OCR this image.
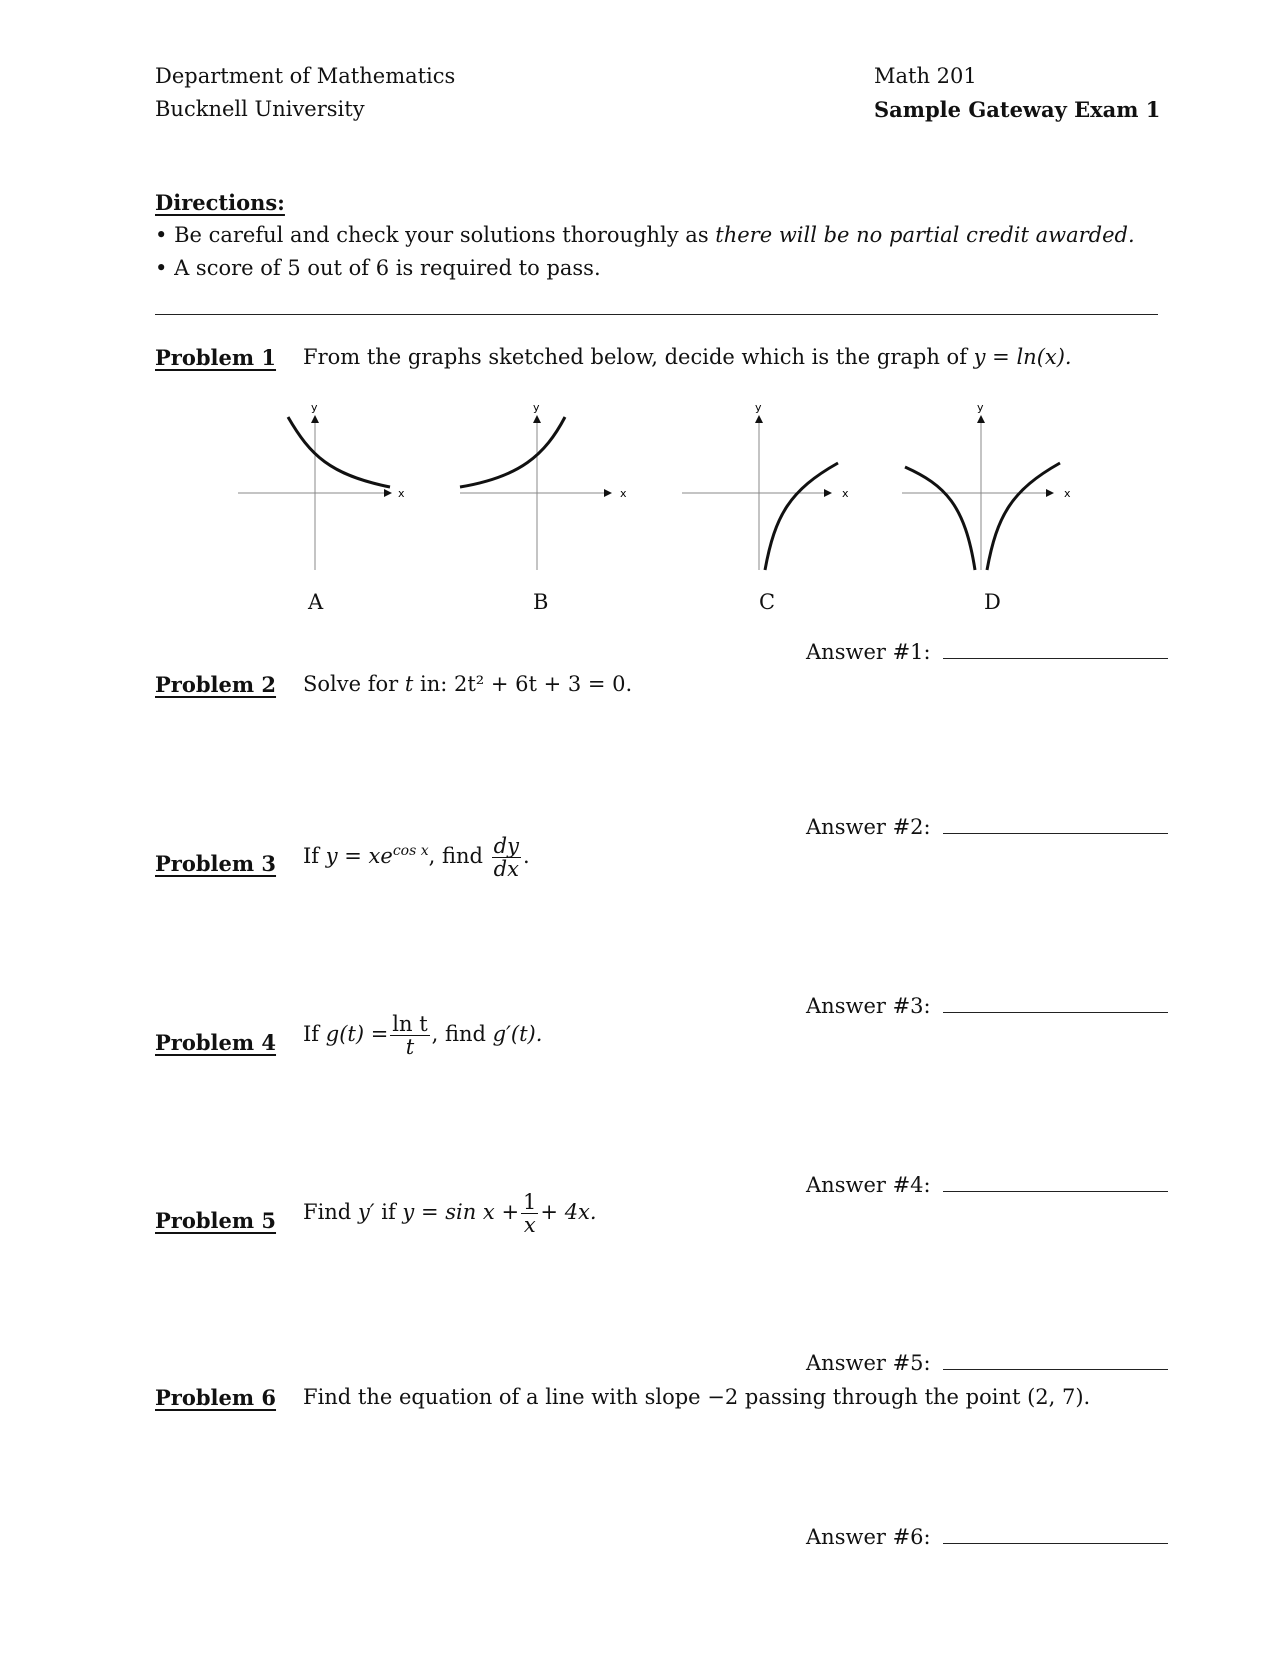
Department of Mathematics
Bucknell University
Math 201
Sample Gateway Exam 1
Directions:
• Be careful and check your solutions thoroughly as there will be no partial credit awarded.
• A score of 5 out of 6 is required to pass.
Problem 1 From the graphs sketched below, decide which is the graph of y = ln(x).
x
y
x
y
x
y
x
y
A	B	C	D
Answer #1:
Problem 2 Solve for t in: 2t² + 6t + 3 = 0.
Answer #2:
Problem 3 If $y = xe^{cos x}$, find $\frac{dy}{dx}$ .
Answer #3:
Problem 4 If $g(t) = \frac{\text{ln t}}{t}$ , find g′(t).
Answer #4:
Problem 5 Find y′ if $y = \sin x + \frac{1}{x} + 4x$.
Answer #5:
Problem 6 Find the equation of a line with slope −2 passing through the point (2, 7).
Answer #6:
